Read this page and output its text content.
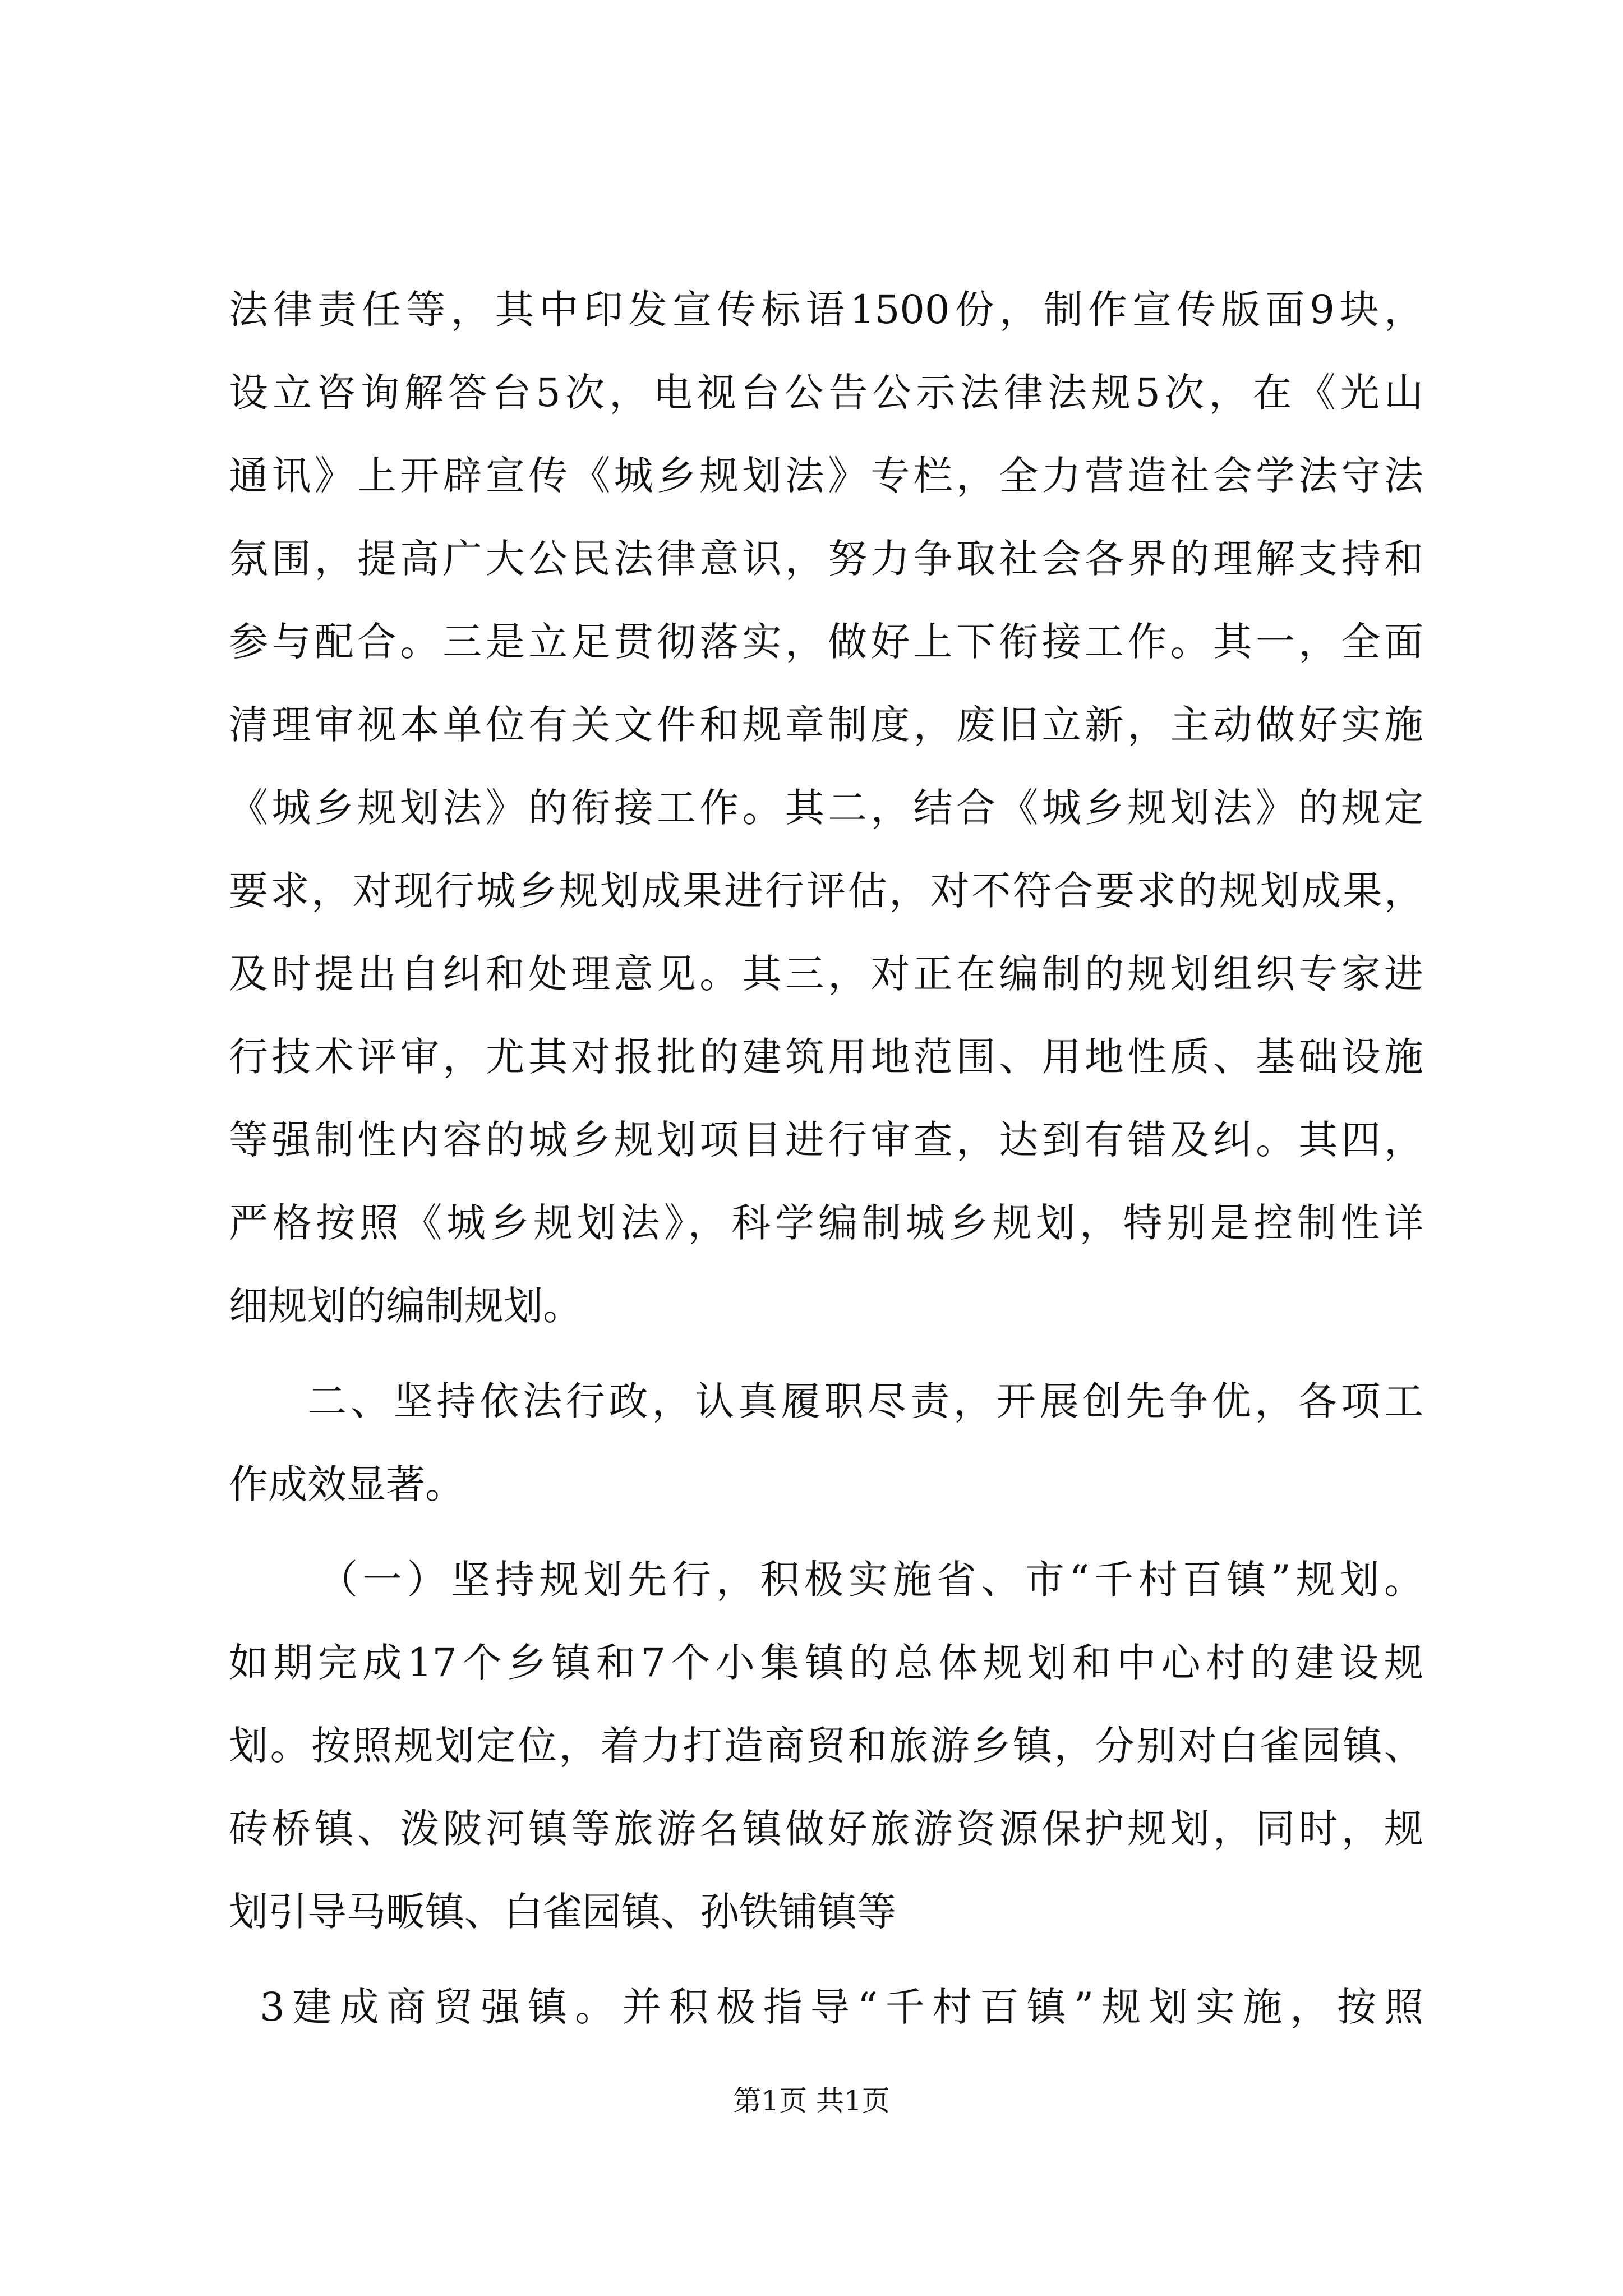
法律责任等，其中印发宣传标语1500份，制作宣传版面9块，
设立咨询解答台5次，电视台公告公示法律法规5次，在《光山
通讯》上开辟宣传《城乡规划法》专栏，全力营造社会学法守法
氛围，提高广大公民法律意识，努力争取社会各界的理解支持和
参与配合。三是立足贯彻落实，做好上下衔接工作。其一，全面
清理审视本单位有关文件和规章制度，废旧立新，主动做好实施
《城乡规划法》的衔接工作。其二，结合《城乡规划法》的规定
要求，对现行城乡规划成果进行评估，对不符合要求的规划成果，
及时提出自纠和处理意见。其三，对正在编制的规划组织专家进
行技术评审，尤其对报批的建筑用地范围、用地性质、基础设施
等强制性内容的城乡规划项目进行审查，达到有错及纠。其四，
严格按照《城乡规划法》，科学编制城乡规划，特别是控制性详
细规划的编制规划。
二、坚持依法行政，认真履职尽责，开展创先争优，各项工
作成效显著。
（一）坚持规划先行，积极实施省、市“千村百镇”规划。
如期完成17个乡镇和7个小集镇的总体规划和中心村的建设规
划。按照规划定位，着力打造商贸和旅游乡镇，分别对白雀园镇、
砖桥镇、泼陂河镇等旅游名镇做好旅游资源保护规划，同时，规
划引导马畈镇、白雀园镇、孙铁铺镇等
3建成商贸强镇。并积极指导“千村百镇”规划实施，按照
第1页 共1页
